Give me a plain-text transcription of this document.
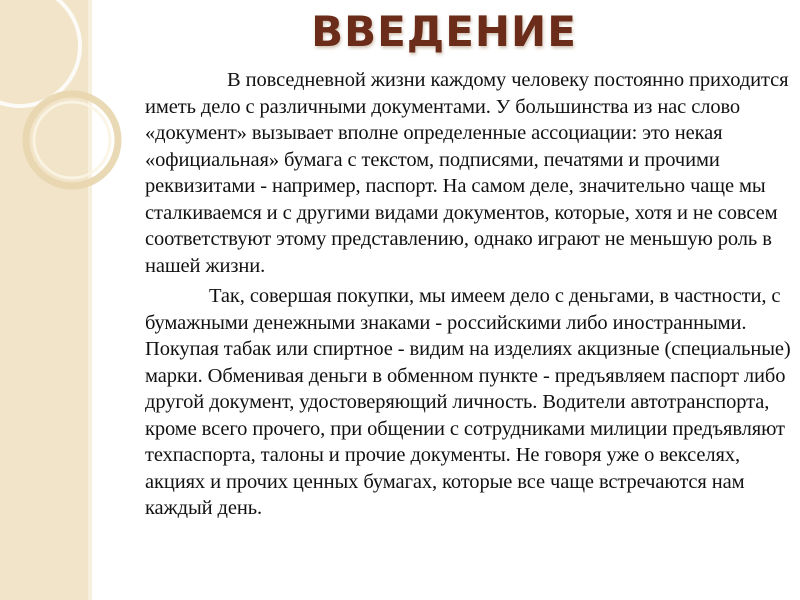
ВВЕДЕНИЕ

В повседневной жизни каждому человеку постоянно приходится иметь дело с различными документами. У большинства из нас слово «документ» вызывает вполне определенные ассоциации: это некая «официальная» бумага с текстом, подписями, печатями и прочими реквизитами - например, паспорт. На самом деле, значительно чаще мы сталкиваемся и с другими видами документов, которые, хотя и не совсем соответствуют этому представлению, однако играют не меньшую роль в нашей жизни.

Так, совершая покупки, мы имеем дело с деньгами, в частности, с бумажными денежными знаками - российскими либо иностранными. Покупая табак или спиртное - видим на изделиях акцизные (специальные) марки. Обменивая деньги в обменном пункте - предъявляем паспорт либо другой документ, удостоверяющий личность. Водители автотранспорта, кроме всего прочего, при общении с сотрудниками милиции предъявляют техпаспорта, талоны и прочие документы. Не говоря уже о векселях, акциях и прочих ценных бумагах, которые все чаще встречаются нам каждый день.
